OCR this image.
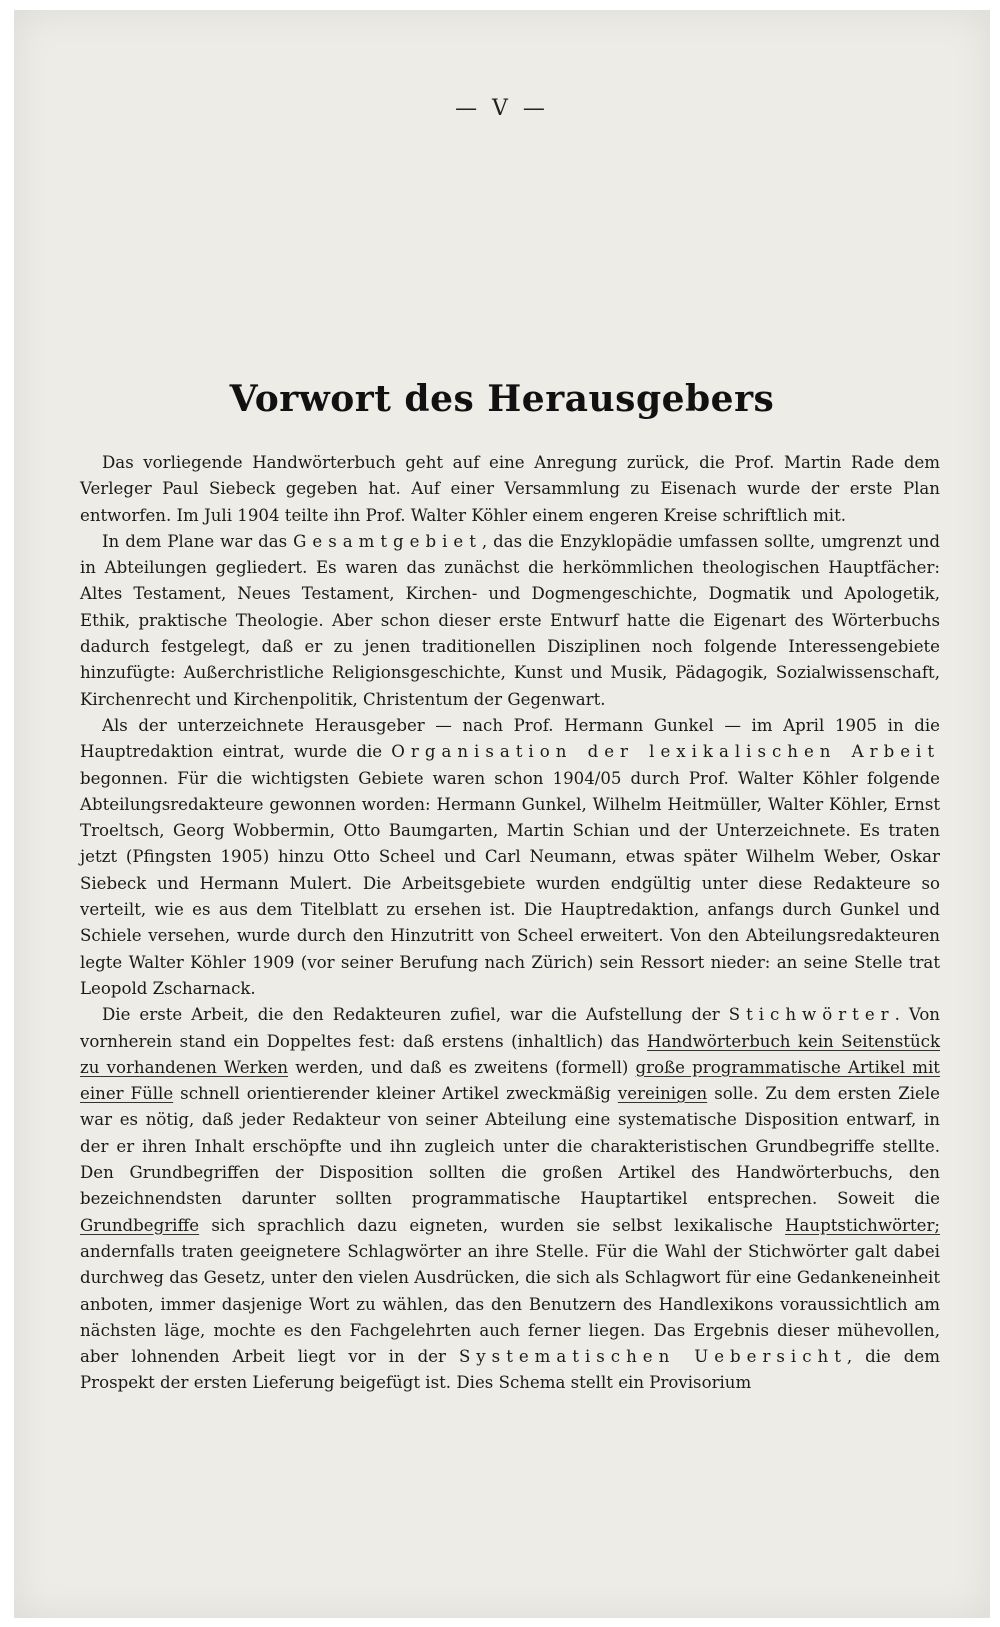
— V —
Vorwort des Herausgebers

Das vorliegende Handwörterbuch geht auf eine Anregung zurück, die Prof. Martin Rade dem Verleger Paul Siebeck gegeben hat. Auf einer Versammlung zu Eisenach wurde der erste Plan entworfen. Im Juli 1904 teilte ihn Prof. Walter Köhler einem engeren Kreise schriftlich mit.

In dem Plane war das Gesamtgebiet, das die Enzyklopädie umfassen sollte, umgrenzt und in Abteilungen gegliedert. Es waren das zunächst die herkömmlichen theologischen Hauptfächer: Altes Testament, Neues Testament, Kirchen- und Dogmengeschichte, Dogmatik und Apologetik, Ethik, praktische Theologie. Aber schon dieser erste Entwurf hatte die Eigenart des Wörterbuchs dadurch festgelegt, daß er zu jenen traditionellen Disziplinen noch folgende Interessengebiete hinzufügte: Außerchristliche Religionsgeschichte, Kunst und Musik, Pädagogik, Sozialwissenschaft, Kirchenrecht und Kirchenpolitik, Christentum der Gegenwart.

Als der unterzeichnete Herausgeber — nach Prof. Hermann Gunkel — im April 1905 in die Hauptredaktion eintrat, wurde die Organisation der lexikalischen Arbeit begonnen. Für die wichtigsten Gebiete waren schon 1904/05 durch Prof. Walter Köhler folgende Abteilungsredakteure gewonnen worden: Hermann Gunkel, Wilhelm Heitmüller, Walter Köhler, Ernst Troeltsch, Georg Wobbermin, Otto Baumgarten, Martin Schian und der Unterzeichnete. Es traten jetzt (Pfingsten 1905) hinzu Otto Scheel und Carl Neumann, etwas später Wilhelm Weber, Oskar Siebeck und Hermann Mulert. Die Arbeitsgebiete wurden endgültig unter diese Redakteure so verteilt, wie es aus dem Titelblatt zu ersehen ist. Die Hauptredaktion, anfangs durch Gunkel und Schiele versehen, wurde durch den Hinzutritt von Scheel erweitert. Von den Abteilungsredakteuren legte Walter Köhler 1909 (vor seiner Berufung nach Zürich) sein Ressort nieder: an seine Stelle trat Leopold Zscharnack.

Die erste Arbeit, die den Redakteuren zufiel, war die Aufstellung der Stichwörter. Von vornherein stand ein Doppeltes fest: daß erstens (inhaltlich) das Handwörterbuch kein Seitenstück zu vorhandenen Werken werden, und daß es zweitens (formell) große programmatische Artikel mit einer Fülle schnell orientierender kleiner Artikel zweckmäßig vereinigen solle. Zu dem ersten Ziele war es nötig, daß jeder Redakteur von seiner Abteilung eine systematische Disposition entwarf, in der er ihren Inhalt erschöpfte und ihn zugleich unter die charakteristischen Grundbegriffe stellte. Den Grundbegriffen der Disposition sollten die großen Artikel des Handwörterbuchs, den bezeichnendsten darunter sollten programmatische Hauptartikel entsprechen. Soweit die Grundbegriffe sich sprachlich dazu eigneten, wurden sie selbst lexikalische Hauptstichwörter; andernfalls traten geeignetere Schlagwörter an ihre Stelle. Für die Wahl der Stichwörter galt dabei durchweg das Gesetz, unter den vielen Ausdrücken, die sich als Schlagwort für eine Gedankeneinheit anboten, immer dasjenige Wort zu wählen, das den Benutzern des Handlexikons voraussichtlich am nächsten läge, mochte es den Fachgelehrten auch ferner liegen. Das Ergebnis dieser mühevollen, aber lohnenden Arbeit liegt vor in der Systematischen Uebersicht, die dem Prospekt der ersten Lieferung beigefügt ist. Dies Schema stellt ein Provisorium
